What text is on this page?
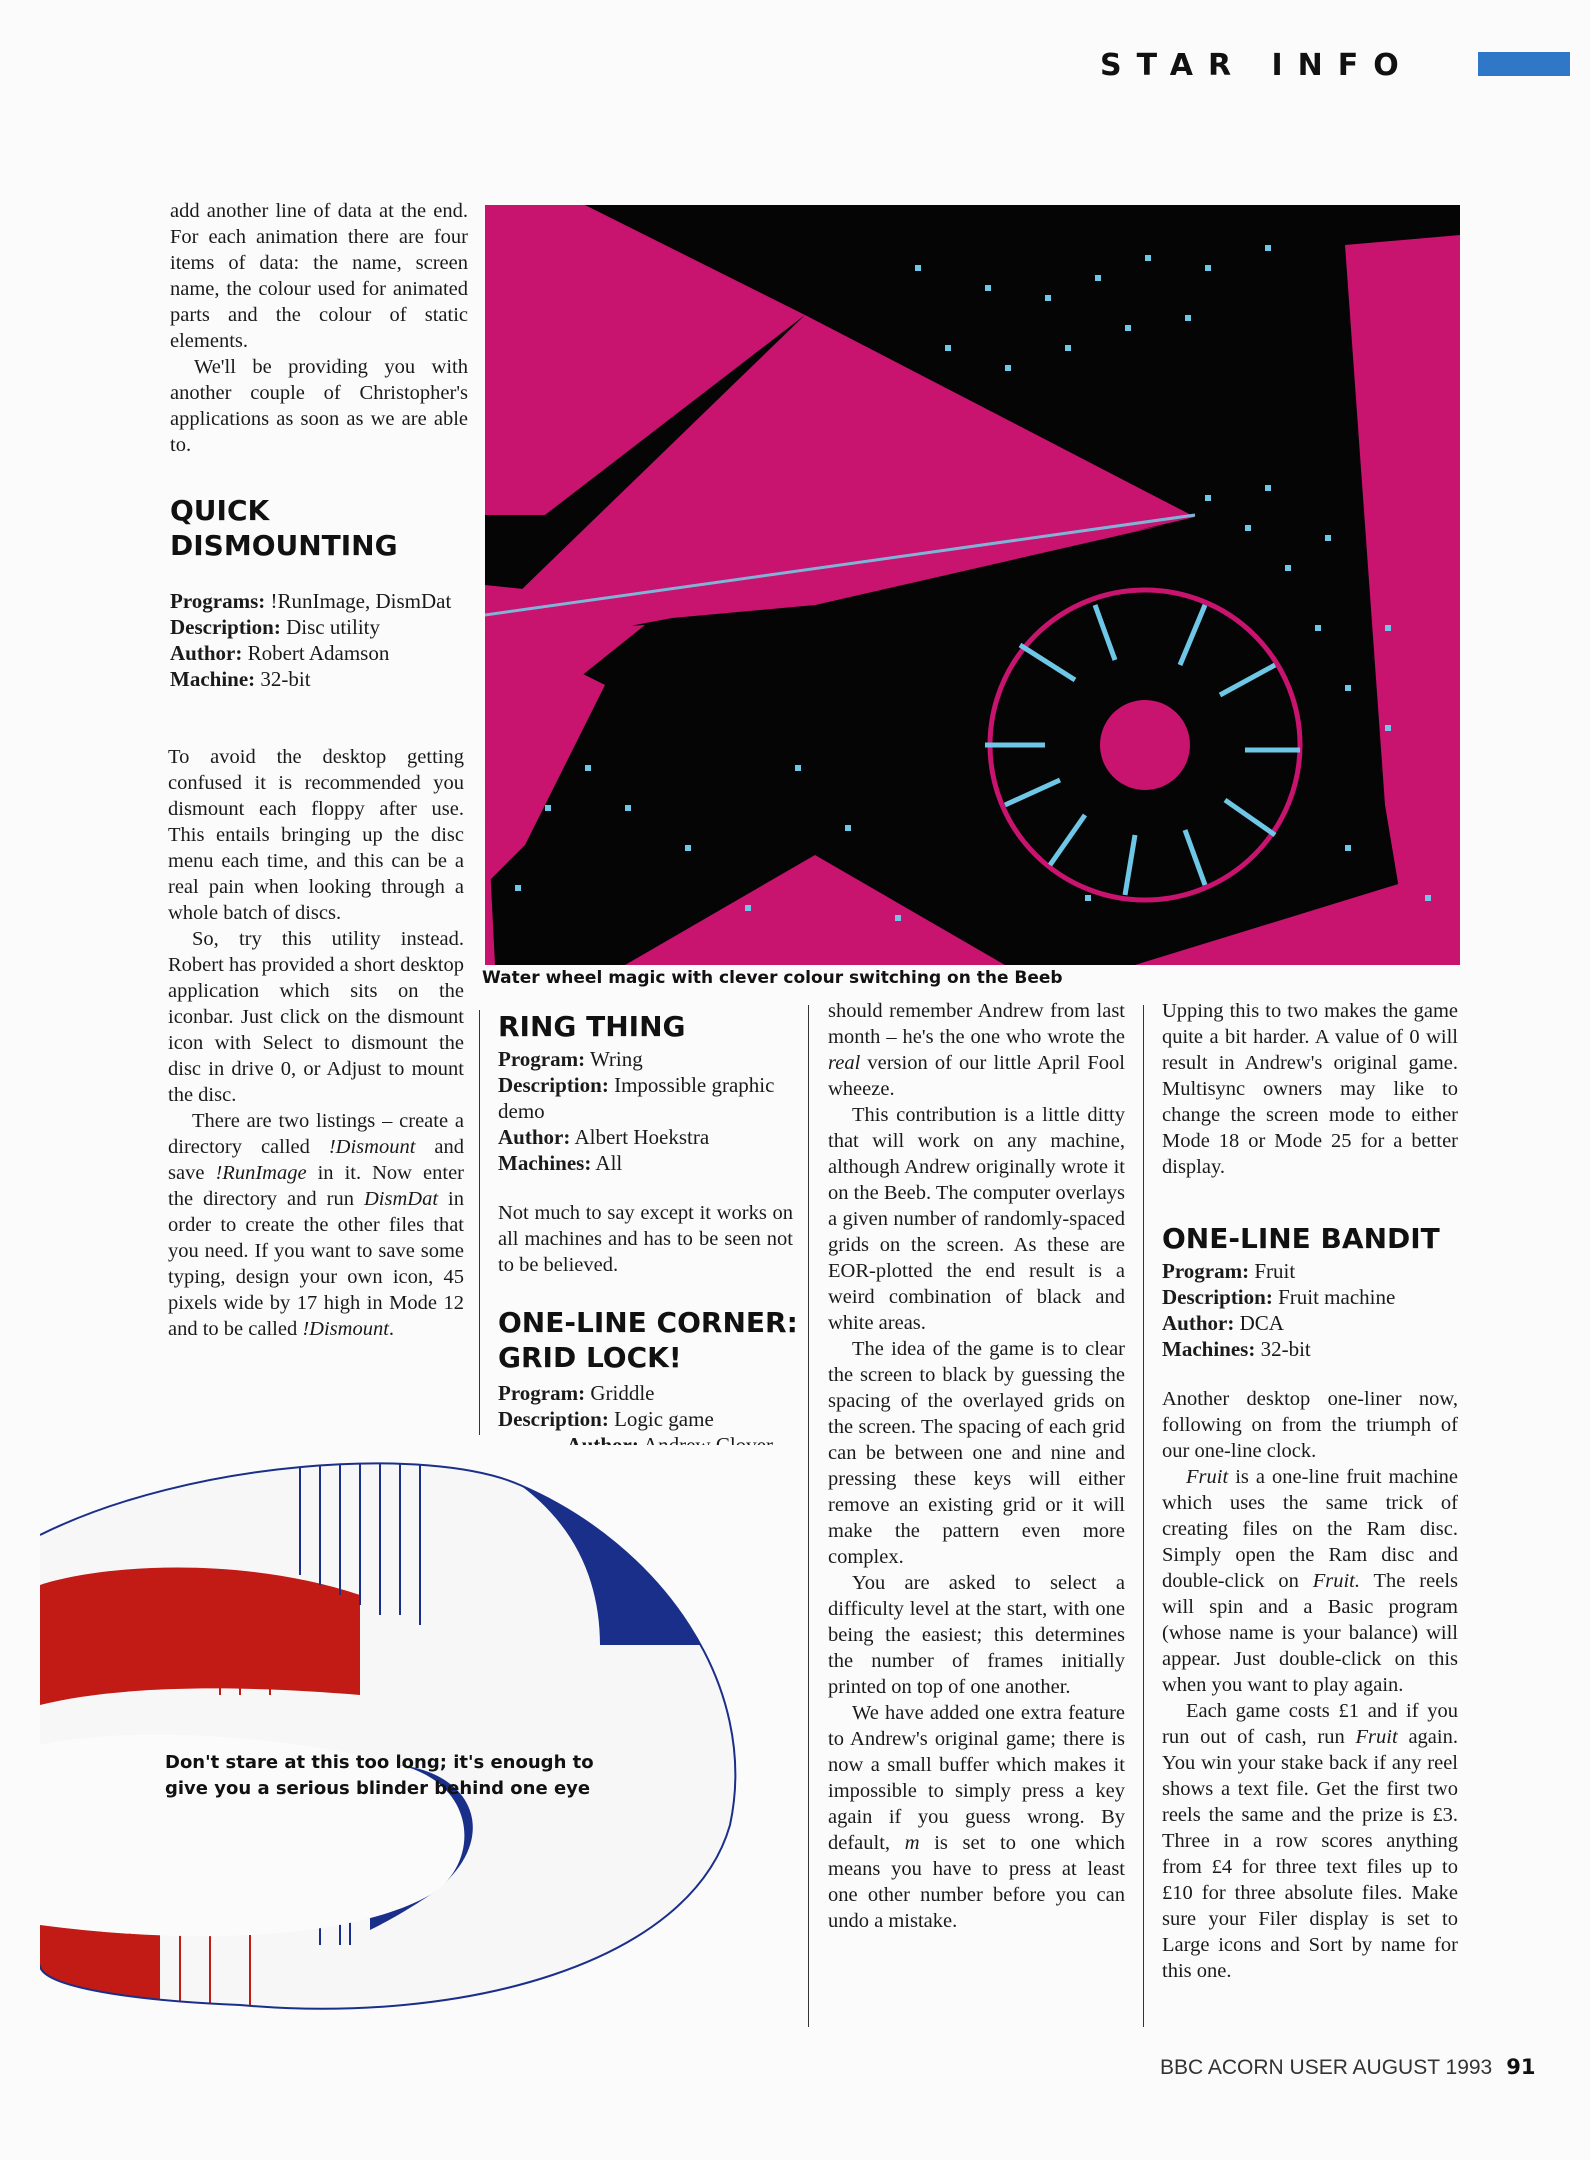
STAR INFO

add another line of data at the end. For each animation there are four items of data: the name, screen name, the colour used for animated parts and the colour of static elements.

We'll be providing you with another couple of Christopher's applications as soon as we are able to.

QUICK
DISMOUNTING
Programs: !RunImage, DismDat
Description: Disc utility
Author: Robert Adamson
Machine: 32-bit

To avoid the desktop getting confused it is recommended you dismount each floppy after use. This entails bringing up the disc menu each time, and this can be a real pain when looking through a whole batch of discs.

So, try this utility instead. Robert has provided a short desktop application which sits on the iconbar. Just click on the dismount icon with Select to dismount the disc in drive 0, or Adjust to mount the disc.

There are two listings – create a directory called !Dismount and save !RunImage in it. Now enter the directory and run DismDat in order to create the other files that you need. If you want to save some typing, design your own icon, 45 pixels wide by 17 high in Mode 12 and to be called !Dismount.

Water wheel magic with clever colour switching on the Beeb
RING THING
Program: Wring
Description: Impossible graphic demo
Author: Albert Hoekstra
Machines: All

Not much to say except it works on all machines and has to be seen not to be believed.

ONE-LINE CORNER:
GRID LOCK!
Program: Griddle
Description: Logic game
Don't stare at this too long; it's enough to
give you a serious blinder behind one eye

should remember Andrew from last month – he's the one who wrote the real version of our little April Fool wheeze.

This contribution is a little ditty that will work on any machine, although Andrew originally wrote it on the Beeb. The computer overlays a given number of randomly-spaced grids on the screen. As these are EOR-plotted the end result is a weird combination of black and white areas.

The idea of the game is to clear the screen to black by guessing the spacing of the overlayed grids on the screen. The spacing of each grid can be between one and nine and pressing these keys will either remove an existing grid or it will make the pattern even more complex.

You are asked to select a difficulty level at the start, with one being the easiest; this determines the number of frames initially printed on top of one another.

We have added one extra feature to Andrew's original game; there is now a small buffer which makes it impossible to simply press a key again if you guess wrong. By default, m is set to one which means you have to press at least one other number before you can undo a mistake.

Upping this to two makes the game quite a bit harder. A value of 0 will result in Andrew's original game. Multisync owners may like to change the screen mode to either Mode 18 or Mode 25 for a better display.

ONE-LINE BANDIT
Program: Fruit
Description: Fruit machine
Author: DCA
Machines: 32-bit

Another desktop one-liner now, following on from the triumph of our one-line clock.

Fruit is a one-line fruit machine which uses the same trick of creating files on the Ram disc. Simply open the Ram disc and double-click on Fruit. The reels will spin and a Basic program (whose name is your balance) will appear. Just double-click on this when you want to play again.

Each game costs £1 and if you run out of cash, run Fruit again. You win your stake back if any reel shows a text file. Get the first two reels the same and the prize is £3. Three in a row scores anything from £4 for three text files up to £10 for three absolute files. Make sure your Filer display is set to Large icons and Sort by name for this one.

BBC ACORN USER AUGUST 1993 91
